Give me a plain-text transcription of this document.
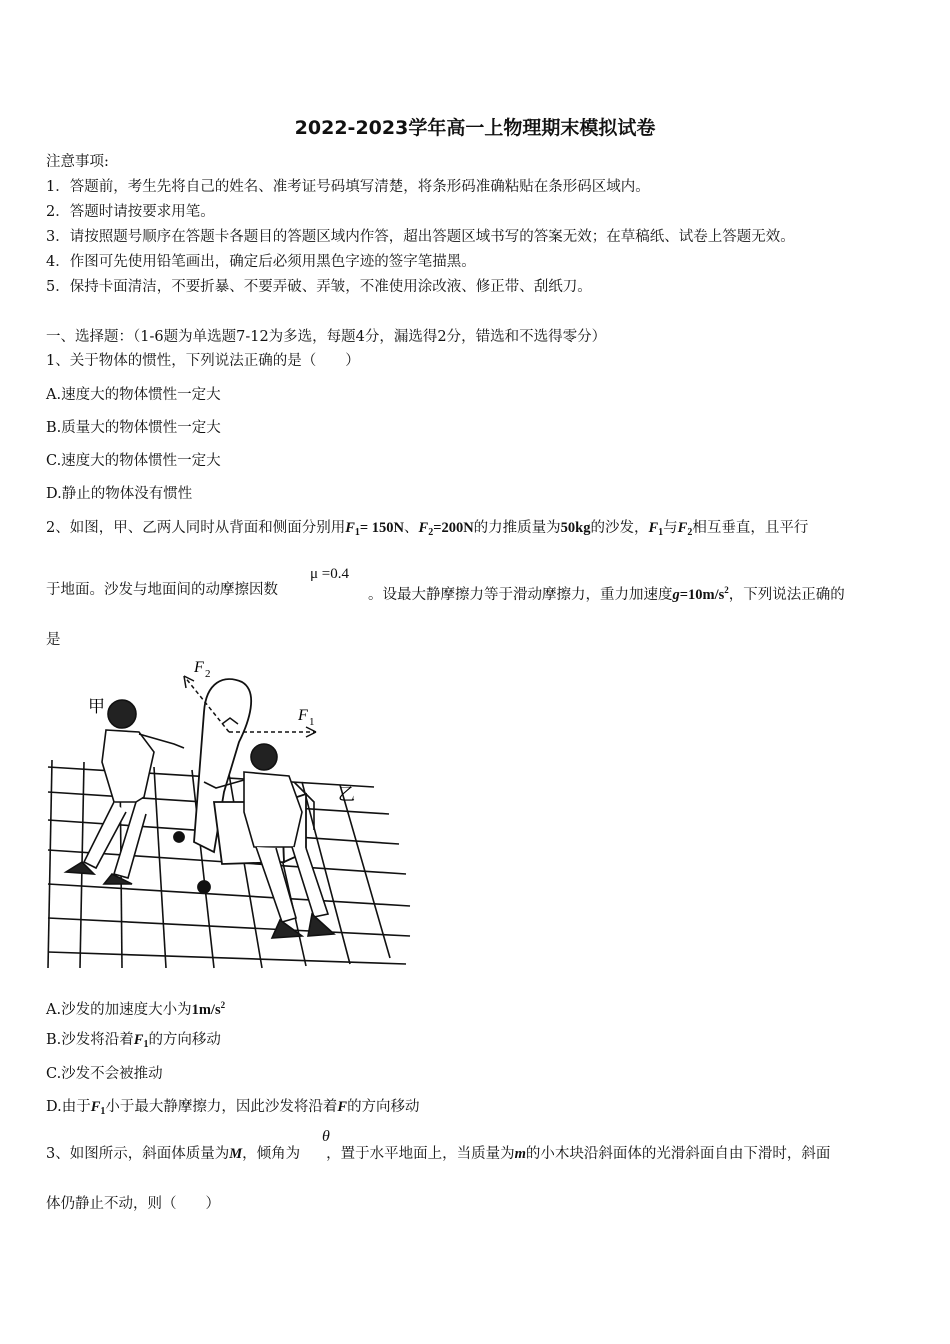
2022-2023学年高一上物理期末模拟试卷
注意事项:
1．答题前，考生先将自己的姓名、准考证号码填写清楚，将条形码准确粘贴在条形码区域内。
2．答题时请按要求用笔。
3．请按照题号顺序在答题卡各题目的答题区域内作答，超出答题区域书写的答案无效；在草稿纸、试卷上答题无效。
4．作图可先使用铅笔画出，确定后必须用黑色字迹的签字笔描黑。
5．保持卡面清洁，不要折暴、不要弄破、弄皱，不准使用涂改液、修正带、刮纸刀。
一、选择题：（1-6题为单选题7-12为多选，每题4分，漏选得2分，错选和不选得零分）
1、关于物体的惯性，下列说法正确的是（　　）
A.速度大的物体惯性一定大
B.质量大的物体惯性一定大
C.速度大的物体惯性一定大
D.静止的物体没有惯性
2、如图，甲、乙两人同时从背面和侧面分别用$F_1= 150N$、$F_2=200N$的力推质量为50kg的沙发，$F_1$与$F_2$相互垂直，且平行
于地面。沙发与地面间的动摩擦因数
μ =0.4
。设最大静摩擦力等于滑动摩擦力，重力加速度$g=10m/s^2$，下列说法正确的
是
甲
乙
F 2
F 1
A.沙发的加速度大小为$1m/s^2$
B.沙发将沿着$F_1$的方向移动
C.沙发不会被推动
D.由于$F_1$小于最大静摩擦力，因此沙发将沿着F的方向移动
3、如图所示，斜面体质量为M，倾角为 ，置于水平地面上，当质量为m的小木块沿斜面体的光滑斜面自由下滑时，斜面
θ
体仍静止不动，则（　　）
